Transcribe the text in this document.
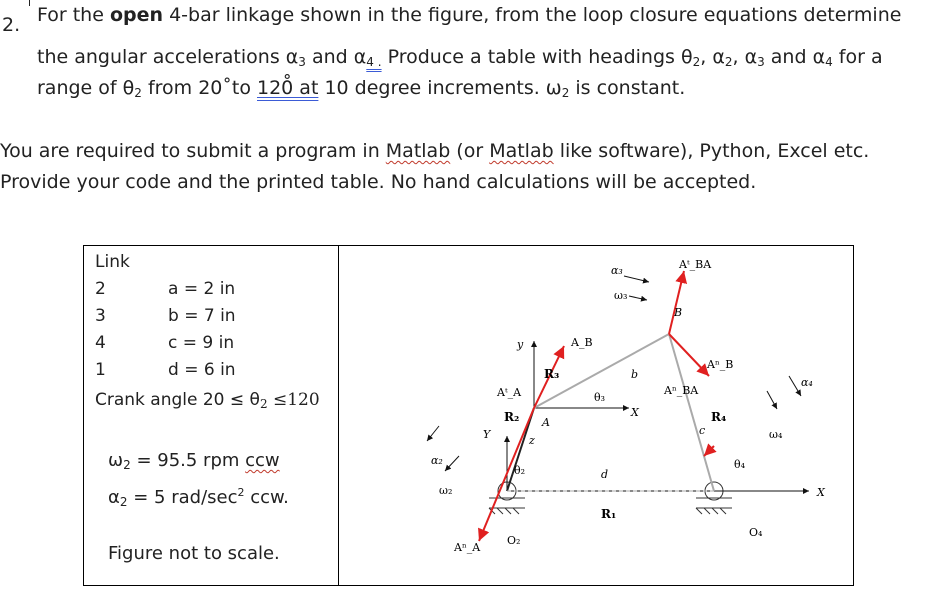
2. For the open 4-bar linkage shown in the figure, from the loop closure equations determine
the angular accelerations $\alpha_3$ and $\alpha_{4 .}$ Produce a table with headings $\theta_2$, $\alpha_2$, $\alpha_3$ and $\alpha_4$ for a
range of $\theta_2$ from 20˚to 120̊ at 10 degree increments. $\omega_2$ is constant.
You are required to submit a program in Matlab (or Matlab like software), Python, Excel etc.
Provide your code and the printed table. No hand calculations will be accepted.
Link
2	a = 2 in
3	b = 7 in
4	c = 9 in
1	d = 6 in
Crank angle $20 \le \theta_2 \le 120$
$\omega_2 = 95.5$ rpm ccw
$\alpha_2 = 5$ rad/$\sec^2$ ccw.
Figure not to scale.

α₃
ω₃
Aᵗ_BA
B
A_B
R₃
y
Aᵗ_A
R₂ A
θ₃
b
X
Aⁿ_BA
Aⁿ_B
R₄
c	ω₄
α₄
θ₄
α₂
ω₂
θ₂
z
d
R₁
O₂
O₄
Aⁿ_A
X
Y
